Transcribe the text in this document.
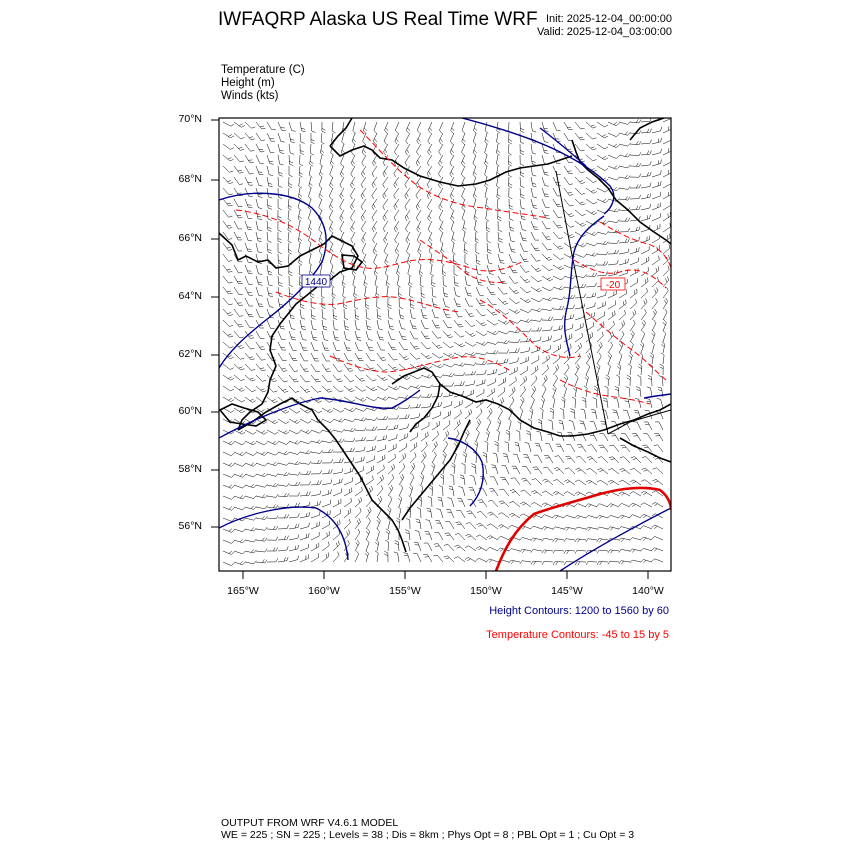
1440	-20
IWFAQRP Alaska US Real Time WRF Init: 2025-12-04_00:00:00
Valid: 2025-12-04_03:00:00
Temperature (C)
Height (m)
Winds (kts)
70°N
68°N
66°N
64°N
62°N
60°N
58°N
56°N
165°W	160°W	155°W	150°W	145°W	140°W
Height Contours: 1200 to 1560 by 60
Temperature Contours: -45 to 15 by 5
OUTPUT FROM WRF V4.6.1 MODEL
WE = 225 ; SN = 225 ; Levels = 38 ; Dis = 8km ; Phys Opt = 8 ; PBL Opt = 1 ; Cu Opt = 3
